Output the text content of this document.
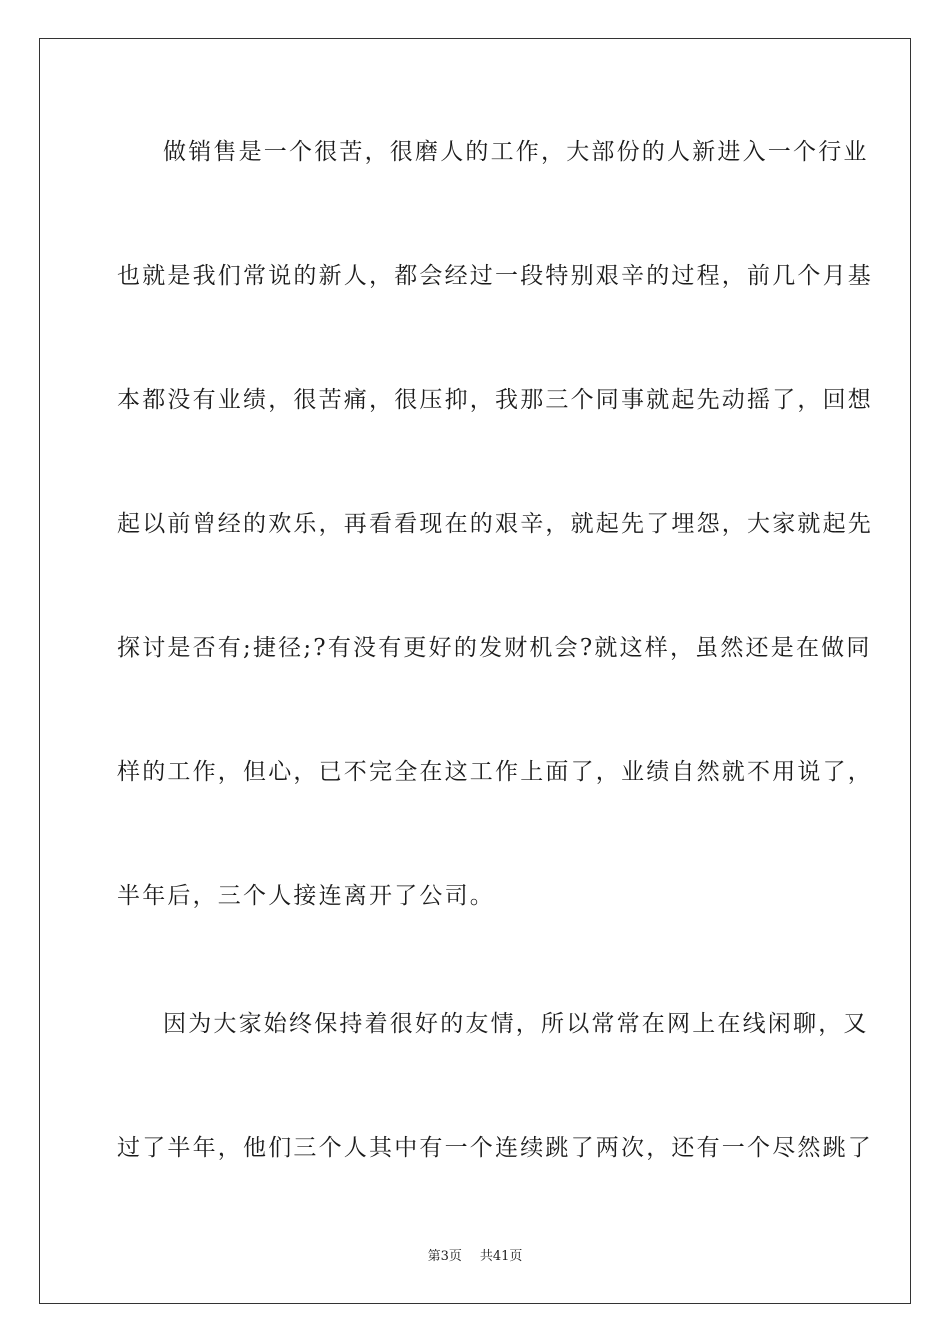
做销售是一个很苦，很磨人的工作，大部份的人新进入一个行业
也就是我们常说的新人，都会经过一段特别艰辛的过程，前几个月基
本都没有业绩，很苦痛，很压抑，我那三个同事就起先动摇了，回想
起以前曾经的欢乐，再看看现在的艰辛，就起先了埋怨，大家就起先
探讨是否有;捷径;?有没有更好的发财机会?就这样，虽然还是在做同
样的工作，但心，已不完全在这工作上面了，业绩自然就不用说了，
半年后，三个人接连离开了公司。
因为大家始终保持着很好的友情，所以常常在网上在线闲聊，又
过了半年，他们三个人其中有一个连续跳了两次，还有一个尽然跳了
第3页 共41页
